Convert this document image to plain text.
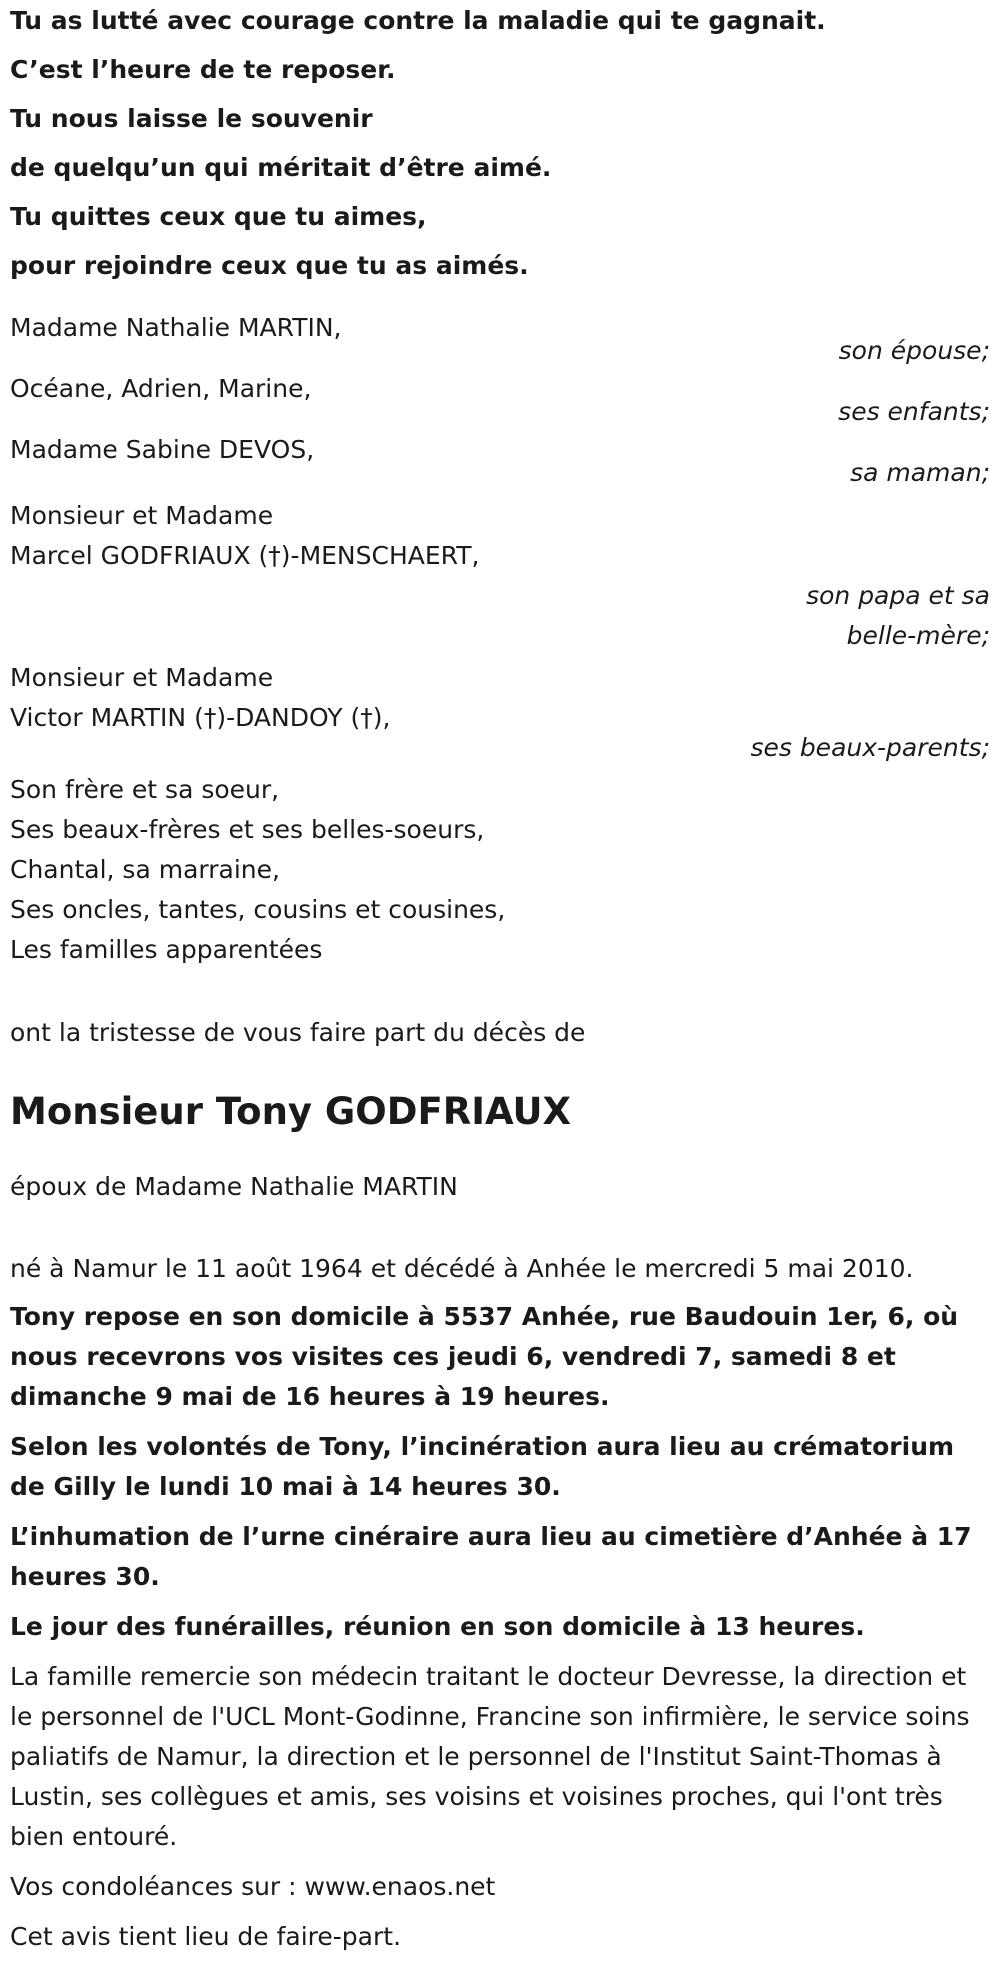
Tu as lutté avec courage contre la maladie qui te gagnait.
C’est l’heure de te reposer.
Tu nous laisse le souvenir
de quelqu’un qui méritait d’être aimé.
Tu quittes ceux que tu aimes,
pour rejoindre ceux que tu as aimés.
Madame Nathalie MARTIN,
son épouse;
Océane, Adrien, Marine,
ses enfants;
Madame Sabine DEVOS,
sa maman;
Monsieur et Madame
Marcel GODFRIAUX (†)-MENSCHAERT,
son papa et sa
belle-mère;
Monsieur et Madame
Victor MARTIN (†)-DANDOY (†),
ses beaux-parents;
Son frère et sa soeur,
Ses beaux-frères et ses belles-soeurs,
Chantal, sa marraine,
Ses oncles, tantes, cousins et cousines,
Les familles apparentées
ont la tristesse de vous faire part du décès de
Monsieur Tony GODFRIAUX
époux de Madame Nathalie MARTIN
né à Namur le 11 août 1964 et décédé à Anhée le mercredi 5 mai 2010.
Tony repose en son domicile à 5537 Anhée, rue Baudouin 1er, 6, où nous recevrons vos visites ces jeudi 6, vendredi 7, samedi 8 et dimanche 9 mai de 16 heures à 19 heures.
Selon les volontés de Tony, l’incinération aura lieu au crématorium de Gilly le lundi 10 mai à 14 heures 30.
L’inhumation de l’urne cinéraire aura lieu au cimetière d’Anhée à 17 heures 30.
Le jour des funérailles, réunion en son domicile à 13 heures.
La famille remercie son médecin traitant le docteur Devresse, la direction et le personnel de l'UCL Mont-Godinne, Francine son infirmière, le service soins paliatifs de Namur, la direction et le personnel de l'Institut Saint-Thomas à Lustin, ses collègues et amis, ses voisins et voisines proches, qui l'ont très bien entouré.
Vos condoléances sur : www.enaos.net
Cet avis tient lieu de faire-part.
